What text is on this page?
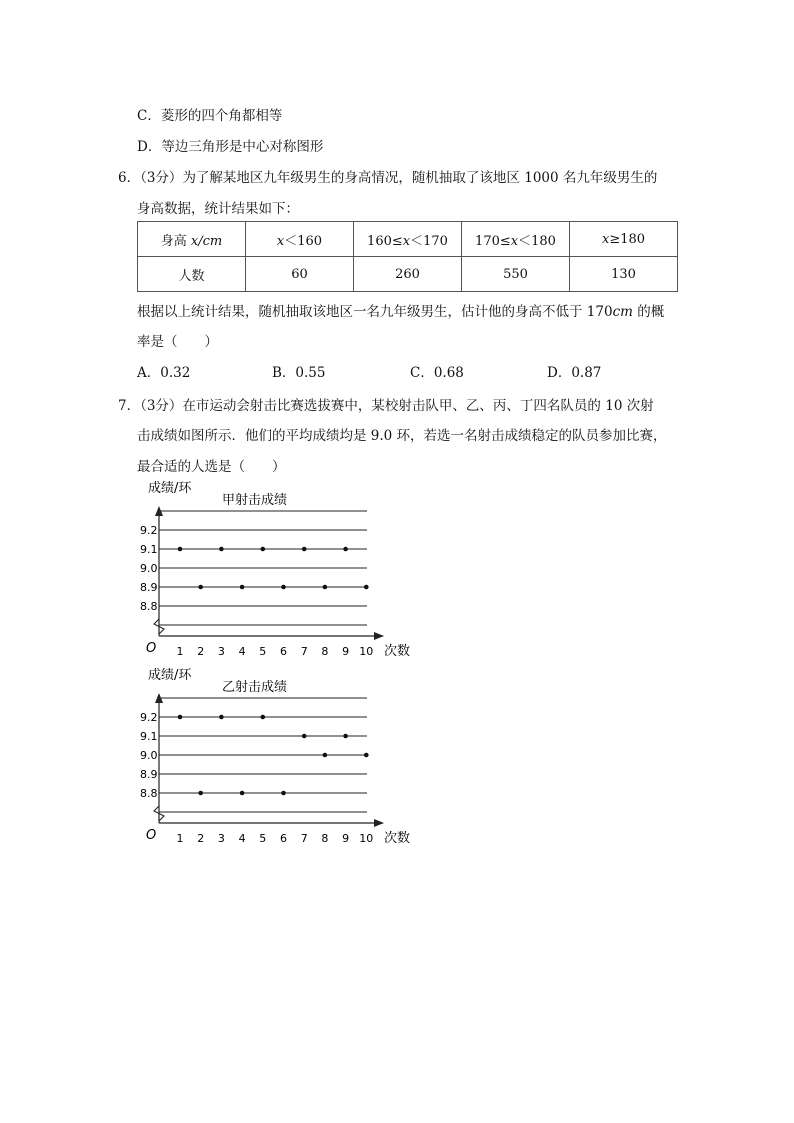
C．菱形的四个角都相等
D．等边三角形是中心对称图形
6．（3分）为了解某地区九年级男生的身高情况，随机抽取了该地区 1000 名九年级男生的
身高数据，统计结果如下：
身高 x/cm	x＜160	160≤x＜170	170≤x＜180	x≥180
人数	60	260	550	130
根据以上统计结果，随机抽取该地区一名九年级男生，估计他的身高不低于 170cm 的概
率是（　　）
A．0.32	B．0.55	C．0.68	D．0.87
7．（3分）在市运动会射击比赛选拔赛中，某校射击队甲、乙、丙、丁四名队员的 10 次射
击成绩如图所示．他们的平均成绩均是 9.0 环，若选一名射击成绩稳定的队员参加比赛，
最合适的人选是（　　）
成绩/环
甲射击成绩
次数
O
8.8
8.9
9.0
9.1
9.2
1 2 3 4 5 6 7 8 9 10
成绩/环
乙射击成绩
次数
O
8.8
8.9
9.0
9.1
9.2
1 2 3 4 5 6 7 8 9 10
